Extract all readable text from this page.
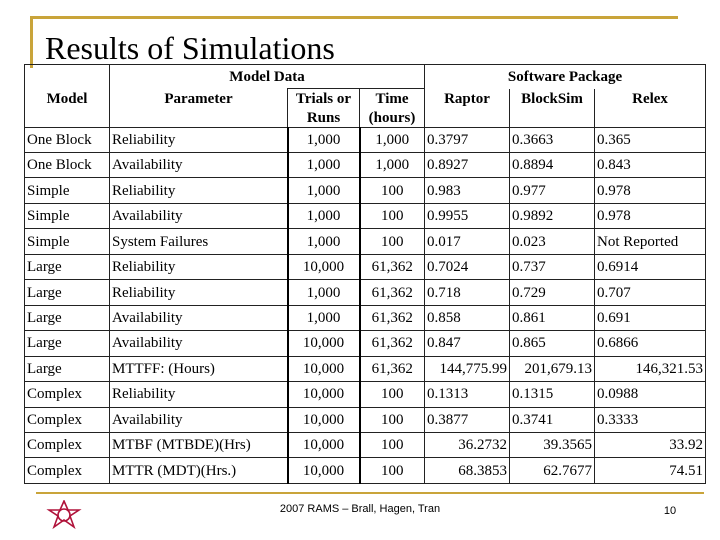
Results of Simulations
	Model Data			Software Package		
Model	Parameter	Trials or	Time	Raptor	BlockSim	Relex
		Runs	(hours)			
One Block	Reliability	1,000	1,000	0.3797	0.3663	0.365
One Block	Availability	1,000	1,000	0.8927	0.8894	0.843
Simple	Reliability	1,000	100	0.983	0.977	0.978
Simple	Availability	1,000	100	0.9955	0.9892	0.978
Simple	System Failures	1,000	100	0.017	0.023	Not Reported
Large	Reliability	10,000	61,362	0.7024	0.737	0.6914
Large	Reliability	1,000	61,362	0.718	0.729	0.707
Large	Availability	1,000	61,362	0.858	0.861	0.691
Large	Availability	10,000	61,362	0.847	0.865	0.6866
Large	MTTFF: (Hours)	10,000	61,362	144,775.99	201,679.13	146,321.53
Complex	Reliability	10,000	100	0.1313	0.1315	0.0988
Complex	Availability	10,000	100	0.3877	0.3741	0.3333
Complex	MTBF (MTBDE)(Hrs)	10,000	100	36.2732	39.3565	33.92
Complex	MTTR (MDT)(Hrs.)	10,000	100	68.3853	62.7677	74.51
2007 RAMS – Brall, Hagen, Tran	10
